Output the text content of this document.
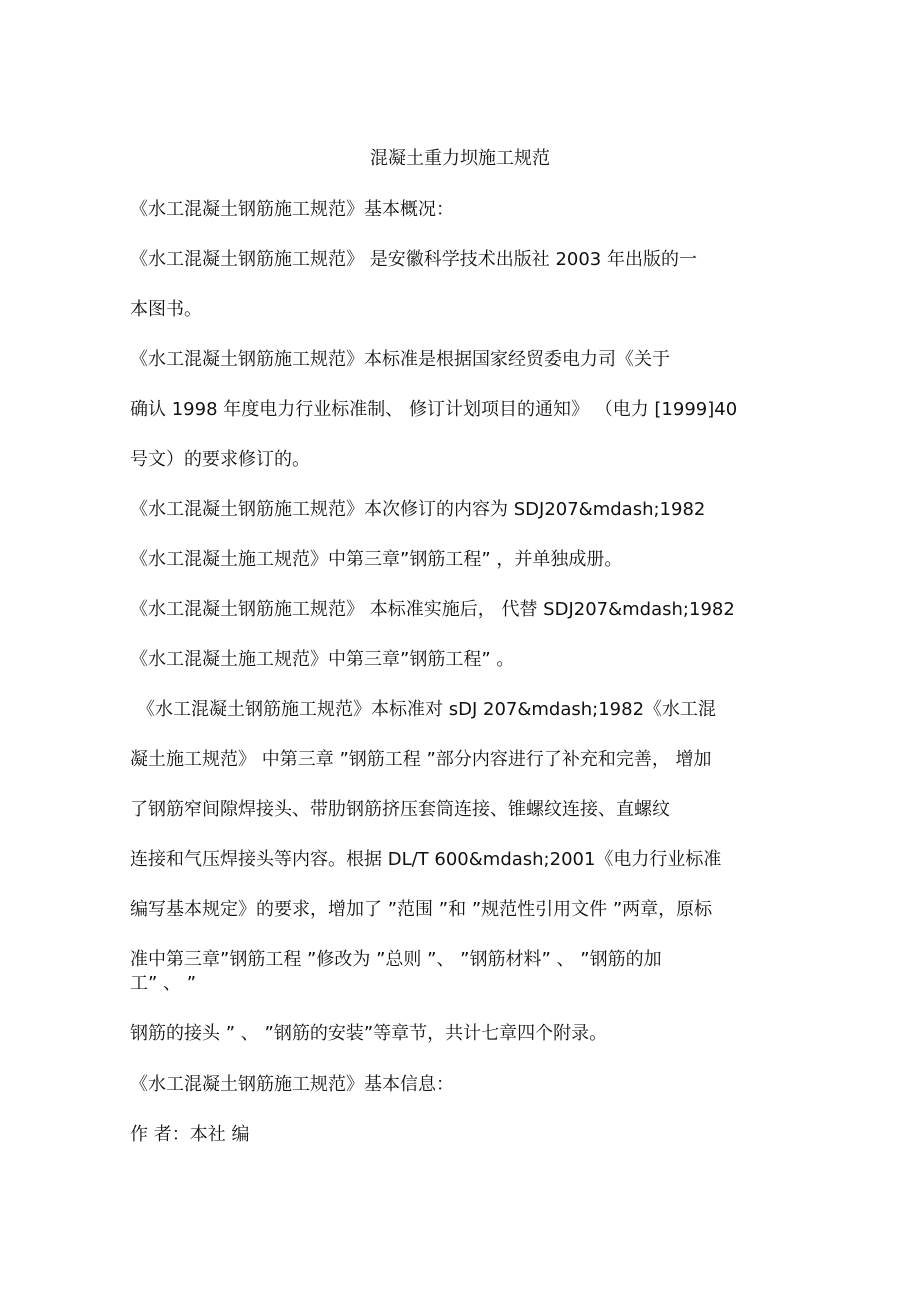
混凝土重力坝施工规范
《水工混凝土钢筋施工规范》基本概况：
《水工混凝土钢筋施工规范》 是安徽科学技术出版社 2003 年出版的一
本图书。
《水工混凝土钢筋施工规范》本标准是根据国家经贸委电力司《关于
确认 1998 年度电力行业标准制、 修订计划项目的通知》 （电力 [1999]40
号文）的要求修订的。
《水工混凝土钢筋施工规范》本次修订的内容为 SDJ207&mdash;1982
《水工混凝土施工规范》中第三章”钢筋工程” ，并单独成册。
《水工混凝土钢筋施工规范》 本标准实施后， 代替 SDJ207&mdash;1982
《水工混凝土施工规范》中第三章”钢筋工程” 。
《水工混凝土钢筋施工规范》本标准对 sDJ 207&mdash;1982《水工混
凝土施工规范》 中第三章 ”钢筋工程 ”部分内容进行了补充和完善， 增加
了钢筋窄间隙焊接头、带肋钢筋挤压套筒连接、锥螺纹连接、直螺纹
连接和气压焊接头等内容。根据 DL/T 600&mdash;2001《电力行业标准
编写基本规定》的要求，增加了 ”范围 ”和 ”规范性引用文件 ”两章，原标
准中第三章”钢筋工程 ”修改为 ”总则 ”、 ”钢筋材料” 、 ”钢筋的加
工” 、 ”
钢筋的接头 ” 、 ”钢筋的安装”等章节，共计七章四个附录。
《水工混凝土钢筋施工规范》基本信息：
作 者：本社 编
